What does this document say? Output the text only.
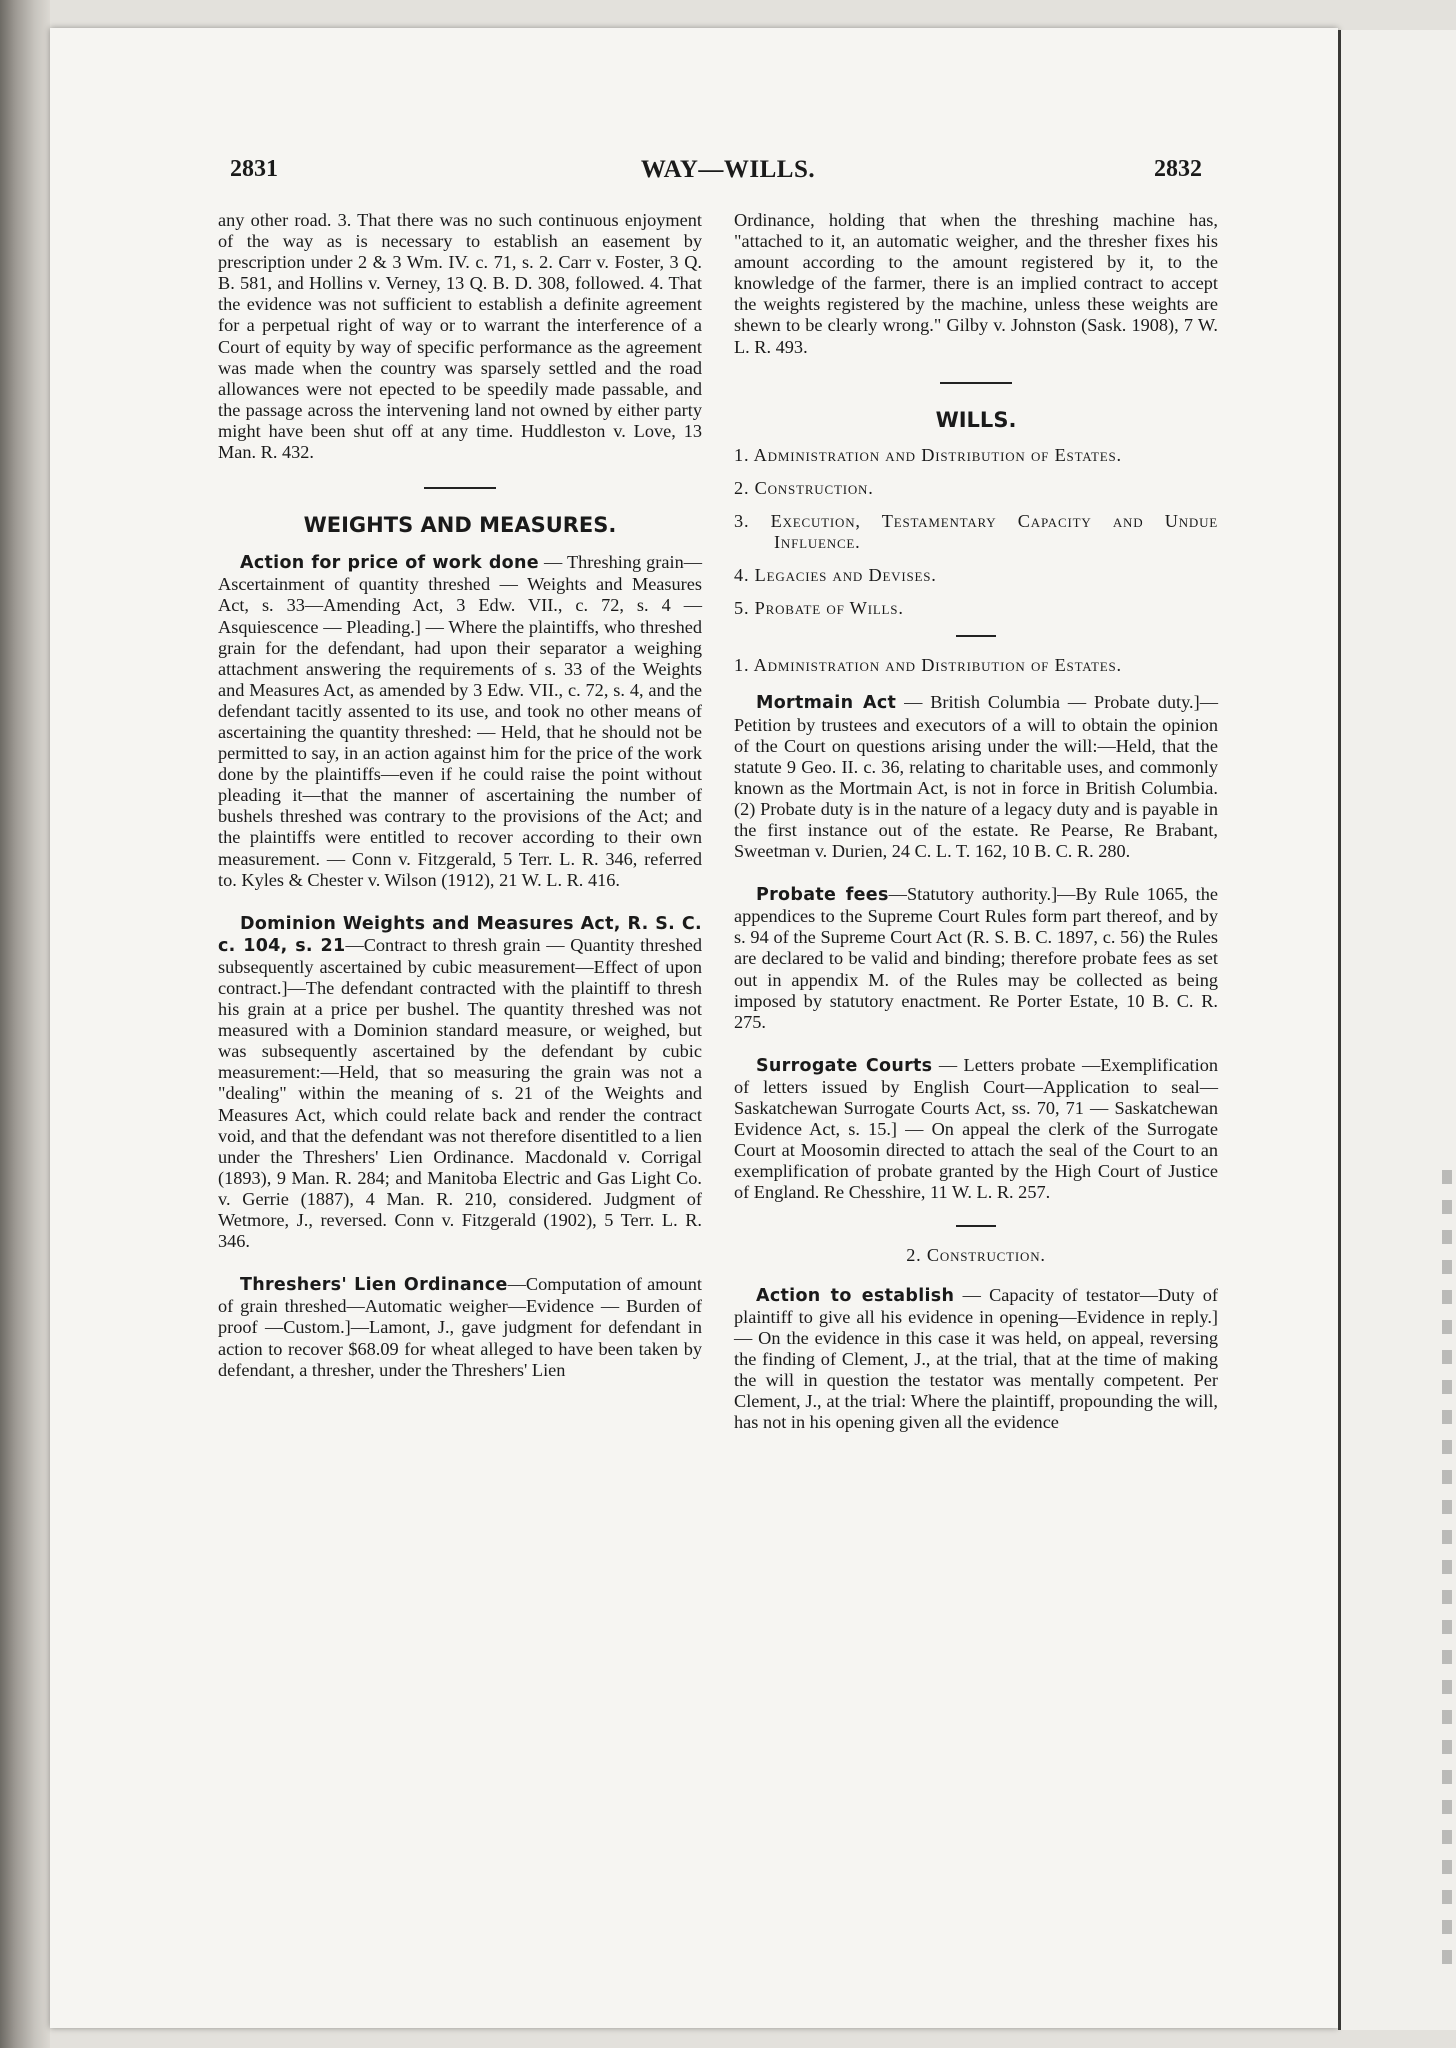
2831	WAY—WILLS.	2832

any other road. 3. That there was no such continuous enjoyment of the way as is necessary to establish an easement by prescription under 2 & 3 Wm. IV. c. 71, s. 2. Carr v. Foster, 3 Q. B. 581, and Hollins v. Verney, 13 Q. B. D. 308, followed. 4. That the evidence was not sufficient to establish a definite agreement for a perpetual right of way or to warrant the interference of a Court of equity by way of specific performance as the agreement was made when the country was sparsely settled and the road allowances were not epected to be speedily made passable, and the passage across the intervening land not owned by either party might have been shut off at any time. Huddleston v. Love, 13 Man. R. 432.

WEIGHTS AND MEASURES.

Action for price of work done — Threshing grain—Ascertainment of quantity threshed — Weights and Measures Act, s. 33—Amending Act, 3 Edw. VII., c. 72, s. 4 — Asquiescence — Pleading.] — Where the plaintiffs, who threshed grain for the defendant, had upon their separator a weighing attachment answering the requirements of s. 33 of the Weights and Measures Act, as amended by 3 Edw. VII., c. 72, s. 4, and the defendant tacitly assented to its use, and took no other means of ascertaining the quantity threshed: — Held, that he should not be permitted to say, in an action against him for the price of the work done by the plaintiffs—even if he could raise the point without pleading it—that the manner of ascertaining the number of bushels threshed was contrary to the provisions of the Act; and the plaintiffs were entitled to recover according to their own measurement. — Conn v. Fitzgerald, 5 Terr. L. R. 346, referred to. Kyles & Chester v. Wilson (1912), 21 W. L. R. 416.

Dominion Weights and Measures Act, R. S. C. c. 104, s. 21—Contract to thresh grain — Quantity threshed subsequently ascertained by cubic measurement—Effect of upon contract.]—The defendant contracted with the plaintiff to thresh his grain at a price per bushel. The quantity threshed was not measured with a Dominion standard measure, or weighed, but was subsequently ascertained by the defendant by cubic measurement:—Held, that so measuring the grain was not a "dealing" within the meaning of s. 21 of the Weights and Measures Act, which could relate back and render the contract void, and that the defendant was not therefore disentitled to a lien under the Threshers' Lien Ordinance. Macdonald v. Corrigal (1893), 9 Man. R. 284; and Manitoba Electric and Gas Light Co. v. Gerrie (1887), 4 Man. R. 210, considered. Judgment of Wetmore, J., reversed. Conn v. Fitzgerald (1902), 5 Terr. L. R. 346.

Threshers' Lien Ordinance—Computation of amount of grain threshed—Automatic weigher—Evidence — Burden of proof —Custom.]—Lamont, J., gave judgment for defendant in action to recover $68.09 for wheat alleged to have been taken by defendant, a thresher, under the Threshers' Lien

Ordinance, holding that when the threshing machine has, "attached to it, an automatic weigher, and the thresher fixes his amount according to the amount registered by it, to the knowledge of the farmer, there is an implied contract to accept the weights registered by the machine, unless these weights are shewn to be clearly wrong." Gilby v. Johnston (Sask. 1908), 7 W. L. R. 493.

WILLS.
1. Administration and Distribution of Estates.
2. Construction.
3. Execution, Testamentary Capacity and Undue Influence.
4. Legacies and Devises.
5. Probate of Wills.
1. Administration and Distribution of Estates.

Mortmain Act — British Columbia — Probate duty.]—Petition by trustees and executors of a will to obtain the opinion of the Court on questions arising under the will:—Held, that the statute 9 Geo. II. c. 36, relating to charitable uses, and commonly known as the Mortmain Act, is not in force in British Columbia. (2) Probate duty is in the nature of a legacy duty and is payable in the first instance out of the estate. Re Pearse, Re Brabant, Sweetman v. Durien, 24 C. L. T. 162, 10 B. C. R. 280.

Probate fees—Statutory authority.]—By Rule 1065, the appendices to the Supreme Court Rules form part thereof, and by s. 94 of the Supreme Court Act (R. S. B. C. 1897, c. 56) the Rules are declared to be valid and binding; therefore probate fees as set out in appendix M. of the Rules may be collected as being imposed by statutory enactment. Re Porter Estate, 10 B. C. R. 275.

Surrogate Courts — Letters probate —Exemplification of letters issued by English Court—Application to seal—Saskatchewan Surrogate Courts Act, ss. 70, 71 — Saskatchewan Evidence Act, s. 15.] — On appeal the clerk of the Surrogate Court at Moosomin directed to attach the seal of the Court to an exemplification of probate granted by the High Court of Justice of England. Re Chesshire, 11 W. L. R. 257.

2. Construction.

Action to establish — Capacity of testator—Duty of plaintiff to give all his evidence in opening—Evidence in reply.] — On the evidence in this case it was held, on appeal, reversing the finding of Clement, J., at the trial, that at the time of making the will in question the testator was mentally competent. Per Clement, J., at the trial: Where the plaintiff, propounding the will, has not in his opening given all the evidence
